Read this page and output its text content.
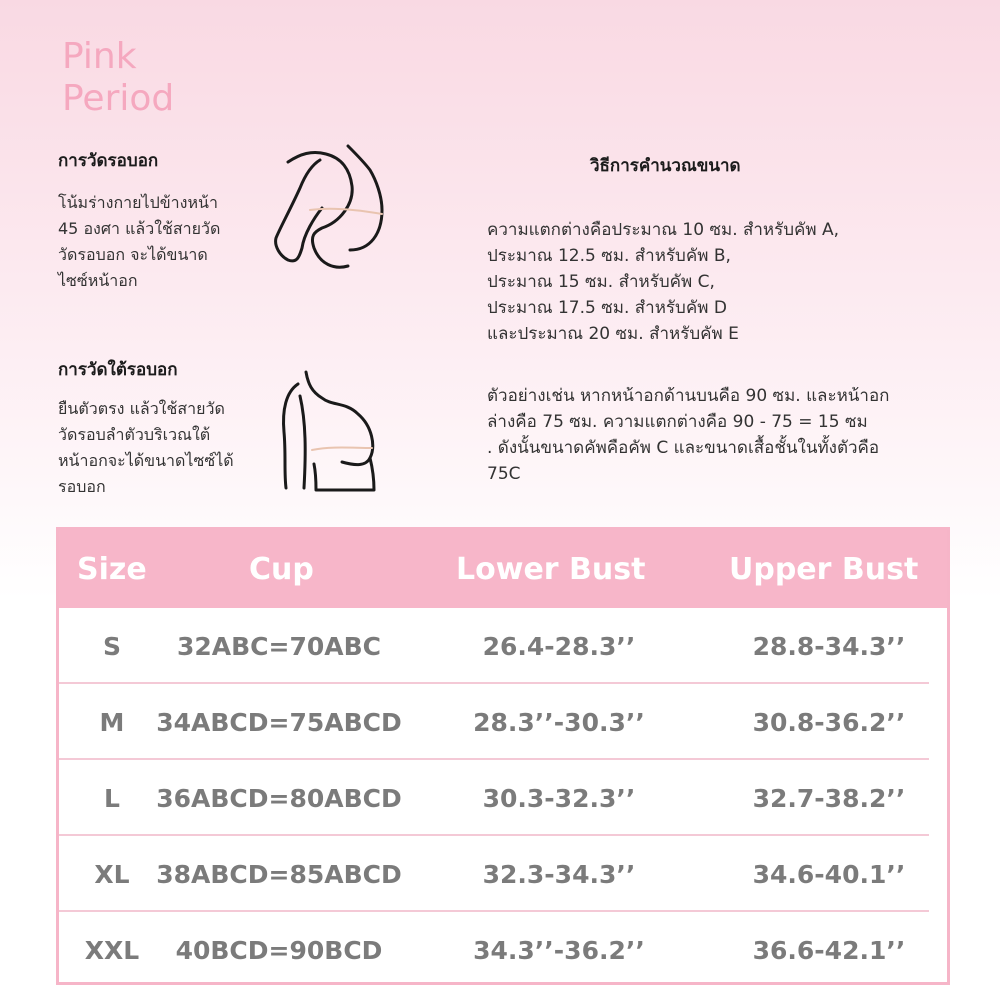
Pink
Period
การวัดรอบอก
โน้มร่างกายไปข้างหน้า
45 องศา แล้วใช้สายวัด
วัดรอบอก จะได้ขนาด
ไซซ์หน้าอก
การวัดใต้รอบอก
ยืนตัวตรง แล้วใช้สายวัด
วัดรอบลำตัวบริเวณใต้
หน้าอกจะได้ขนาดไซซ์ได้
รอบอก
วิธีการคำนวณขนาด
ความแตกต่างคือประมาณ 10 ซม. สำหรับคัพ A,
ประมาณ 12.5 ซม. สำหรับคัพ B,
ประมาณ 15 ซม. สำหรับคัพ C,
ประมาณ 17.5 ซม. สำหรับคัพ D
และประมาณ 20 ซม. สำหรับคัพ E
ตัวอย่างเช่น หากหน้าอกด้านบนคือ 90 ซม. และหน้าอก
ล่างคือ 75 ซม. ความแตกต่างคือ 90 - 75 = 15 ซม
. ดังนั้นขนาดคัพคือคัพ C และขนาดเสื้อชั้นในทั้งตัวคือ
75C
Size	Cup	Lower Bust	Upper Bust
S	32ABC=70ABC	26.4-28.3’’	28.8-34.3’’
M	34ABCD=75ABCD	28.3’’-30.3’’	30.8-36.2’’
L	36ABCD=80ABCD	30.3-32.3’’	32.7-38.2’’
XL	38ABCD=85ABCD	32.3-34.3’’	34.6-40.1’’
XXL	40BCD=90BCD	34.3’’-36.2’’	36.6-42.1’’
